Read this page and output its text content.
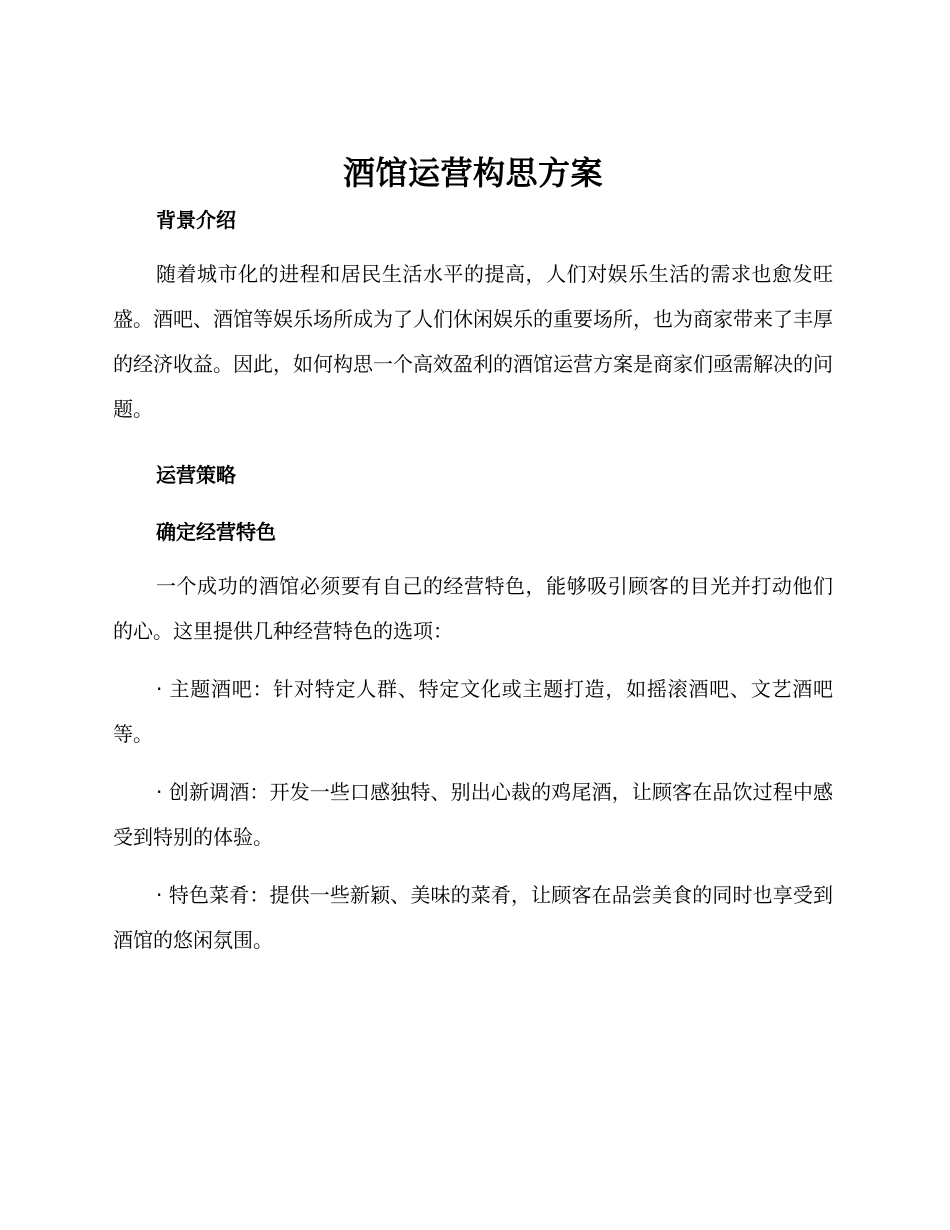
酒馆运营构思方案
背景介绍

随着城市化的进程和居民生活水平的提高，人们对娱乐生活的需求也愈发旺盛。酒吧、酒馆等娱乐场所成为了人们休闲娱乐的重要场所，也为商家带来了丰厚的经济收益。因此，如何构思一个高效盈利的酒馆运营方案是商家们亟需解决的问题。

运营策略
确定经营特色

一个成功的酒馆必须要有自己的经营特色，能够吸引顾客的目光并打动他们的心。这里提供几种经营特色的选项：

· 主题酒吧：针对特定人群、特定文化或主题打造，如摇滚酒吧、文艺酒吧等。

· 创新调酒：开发一些口感独特、别出心裁的鸡尾酒，让顾客在品饮过程中感受到特别的体验。

· 特色菜肴：提供一些新颖、美味的菜肴，让顾客在品尝美食的同时也享受到酒馆的悠闲氛围。
